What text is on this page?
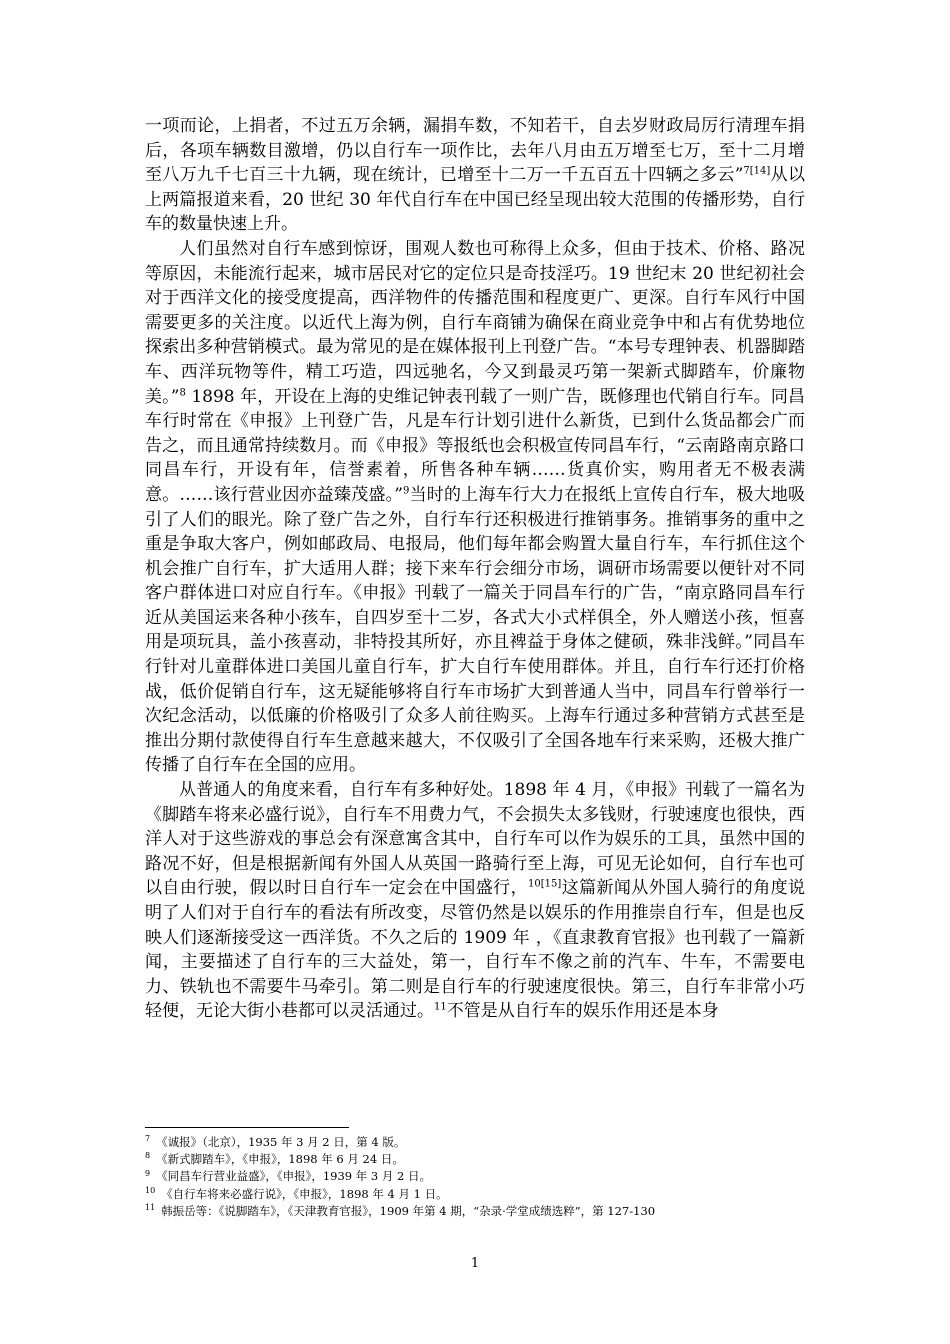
一项而论，上捐者，不过五万余辆，漏捐车数，不知若干，自去岁财政局厉行清理车捐后，各项车辆数目激增，仍以自行车一项作比，去年八月由五万增至七万，至十二月增至八万九千七百三十九辆，现在统计，已增至十二万一千五百五十四辆之多云”$^{7[14]}$从以上两篇报道来看，20 世纪 30 年代自行车在中国已经呈现出较大范围的传播形势，自行车的数量快速上升。

人们虽然对自行车感到惊讶，围观人数也可称得上众多，但由于技术、价格、路况等原因，未能流行起来，城市居民对它的定位只是奇技淫巧。19 世纪末 20 世纪初社会对于西洋文化的接受度提高，西洋物件的传播范围和程度更广、更深。自行车风行中国需要更多的关注度。以近代上海为例，自行车商铺为确保在商业竞争中和占有优势地位探索出多种营销模式。最为常见的是在媒体报刊上刊登广告。“本号专理钟表、机器脚踏车、西洋玩物等件，精工巧造，四远驰名，今又到最灵巧第一架新式脚踏车，价廉物美。”$^8$ 1898 年，开设在上海的史维记钟表刊载了一则广告，既修理也代销自行车。同昌车行时常在《申报》上刊登广告，凡是车行计划引进什么新货，已到什么货品都会广而告之，而且通常持续数月。而《申报》等报纸也会积极宣传同昌车行，“云南路南京路口同昌车行，开设有年，信誉素着，所售各种车辆……货真价实，购用者无不极表满意。……该行营业因亦益臻茂盛。”$^9$当时的上海车行大力在报纸上宣传自行车，极大地吸引了人们的眼光。除了登广告之外，自行车行还积极进行推销事务。推销事务的重中之重是争取大客户，例如邮政局、电报局，他们每年都会购置大量自行车，车行抓住这个机会推广自行车，扩大适用人群；接下来车行会细分市场，调研市场需要以便针对不同客户群体进口对应自行车。《申报》刊载了一篇关于同昌车行的广告，“南京路同昌车行近从美国运来各种小孩车，自四岁至十二岁，各式大小式样俱全，外人赠送小孩，恒喜用是项玩具，盖小孩喜动，非特投其所好，亦且裨益于身体之健硕，殊非浅鲜。”同昌车行针对儿童群体进口美国儿童自行车，扩大自行车使用群体。并且，自行车行还打价格战，低价促销自行车，这无疑能够将自行车市场扩大到普通人当中，同昌车行曾举行一次纪念活动，以低廉的价格吸引了众多人前往购买。上海车行通过多种营销方式甚至是推出分期付款使得自行车生意越来越大，不仅吸引了全国各地车行来采购，还极大推广传播了自行车在全国的应用。

从普通人的角度来看，自行车有多种好处。1898 年 4 月，《申报》刊载了一篇名为《脚踏车将来必盛行说》，自行车不用费力气，不会损失太多钱财，行驶速度也很快，西洋人对于这些游戏的事总会有深意寓含其中，自行车可以作为娱乐的工具，虽然中国的路况不好，但是根据新闻有外国人从英国一路骑行至上海，可见无论如何，自行车也可以自由行驶，假以时日自行车一定会在中国盛行，$^{10[15]}$这篇新闻从外国人骑行的角度说明了人们对于自行车的看法有所改变，尽管仍然是以娱乐的作用推崇自行车，但是也反映人们逐渐接受这一西洋货。不久之后的 1909 年 ，《直隶教育官报》也刊载了一篇新闻，主要描述了自行车的三大益处，第一，自行车不像之前的汽车、牛车，不需要电力、铁轨也不需要牛马牵引。第二则是自行车的行驶速度很快。第三，自行车非常小巧轻便，无论大街小巷都可以灵活通过。$^{11}$不管是从自行车的娱乐作用还是本身

$^7$ 《诚报》（北京），1935 年 3 月 2 日，第 4 版。
$^8$ 《新式脚踏车》，《申报》，1898 年 6 月 24 日。
$^9$ 《同昌车行营业益盛》，《申报》，1939 年 3 月 2 日。
$^{10}$ 《自行车将来必盛行说》，《申报》，1898 年 4 月 1 日。
$^{11}$ 韩振岳等：《说脚踏车》，《天津教育官报》，1909 年第 4 期，“杂录·学堂成绩选粹”，第 127-130
1
